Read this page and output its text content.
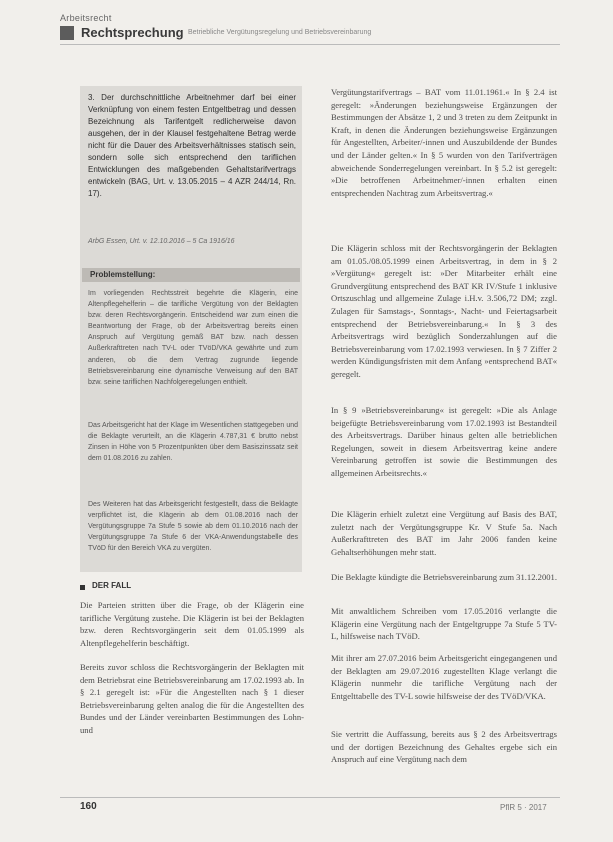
Arbeitsrecht
Rechtsprechung Betriebliche Vergütungsregelung und Betriebsvereinbarung

3. Der durchschnittliche Arbeitnehmer darf bei einer Verknüpfung von einem festen Entgeltbetrag und dessen Bezeichnung als Tarifentgelt redlicherweise davon ausgehen, der in der Klausel festgehaltene Betrag werde nicht für die Dauer des Arbeitsverhältnisses statisch sein, sondern solle sich entsprechend den tariflichen Entwicklungen des maßgebenden Gehaltstarifvertrags entwickeln (BAG, Urt. v. 13.05.2015 – 4 AZR 244/14, Rn. 17).

ArbG Essen, Urt. v. 12.10.2016 – 5 Ca 1916/16
Problemstellung:

Im vorliegenden Rechtsstreit begehrte die Klägerin, eine Altenpflegehelferin – die tarifliche Vergütung von der Beklagten bzw. deren Rechtsvorgängerin. Entscheidend war zum einen die Beantwortung der Frage, ob der Arbeitsvertrag bereits einen Anspruch auf Vergütung gemäß BAT bzw. nach dessen Außerkrafttreten nach TV-L oder TVöD/VKA gewährte und zum anderen, ob die dem Vertrag zugrunde liegende Betriebsvereinbarung eine dynamische Verweisung auf den BAT bzw. seine tariflichen Nachfolgeregelungen enthielt.

Das Arbeitsgericht hat der Klage im Wesentlichen stattgegeben und die Beklagte verurteilt, an die Klägerin 4.787,31 € brutto nebst Zinsen in Höhe von 5 Prozentpunkten über dem Basiszinssatz seit dem 01.08.2016 zu zahlen.

Des Weiteren hat das Arbeitsgericht festgestellt, dass die Beklagte verpflichtet ist, die Klägerin ab dem 01.08.2016 nach der Vergütungsgruppe 7a Stufe 5 sowie ab dem 01.10.2016 nach der Vergütungsgruppe 7a Stufe 6 der VKA-Anwendungstabelle des TVöD für den Bereich VKA zu vergüten.

DER FALL

Die Parteien stritten über die Frage, ob der Klägerin eine tarifliche Vergütung zustehe. Die Klägerin ist bei der Beklagten bzw. deren Rechtsvorgängerin seit dem 01.05.1999 als Altenpflegehelferin beschäftigt.

Bereits zuvor schloss die Rechtsvorgängerin der Beklagten mit dem Betriebsrat eine Betriebsvereinbarung am 17.02.1993 ab. In § 2.1 geregelt ist: »Für die Angestellten nach § 1 dieser Betriebsvereinbarung gelten analog die für die Angestellten des Bundes und der Länder vereinbarten Bestimmungen des Lohn- und

Vergütungstarifvertrags – BAT vom 11.01.1961.« In § 2.4 ist geregelt: »Änderungen beziehungsweise Ergänzungen der Bestimmungen der Absätze 1, 2 und 3 treten zu dem Zeitpunkt in Kraft, in denen die Änderungen beziehungsweise Ergänzungen für Angestellten, Arbeiter/-innen und Auszubildende der Bundes und der Länder gelten.« In § 5 wurden von den Tarifverträgen abweichende Sonderregelungen vereinbart. In § 5.2 ist geregelt: »Die betroffenen Arbeitnehmer/-innen erhalten einen entsprechenden Nachtrag zum Arbeitsvertrag.«

Die Klägerin schloss mit der Rechtsvorgängerin der Beklagten am 01.05./08.05.1999 einen Arbeitsvertrag, in dem in § 2 »Vergütung« geregelt ist: »Der Mitarbeiter erhält eine Grundvergütung entsprechend des BAT KR IV/Stufe 1 inklusive Ortszuschlag und allgemeine Zulage i.H.v. 3.506,72 DM; zzgl. Zulagen für Samstags-, Sonntags-, Nacht- und Feiertagsarbeit entsprechend der Betriebsvereinbarung.« In § 3 des Arbeitsvertrags wird bezüglich Sonderzahlungen auf die Betriebsvereinbarung vom 17.02.1993 verwiesen. In § 7 Ziffer 2 werden Kündigungsfristen mit dem Anfang »entsprechend BAT« geregelt.

In § 9 »Betriebsvereinbarung« ist geregelt: »Die als Anlage beigefügte Betriebsvereinbarung vom 17.02.1993 ist Bestandteil des Arbeitsvertrags. Darüber hinaus gelten alle betrieblichen Regelungen, soweit in diesem Arbeitsvertrag keine andere Vereinbarung getroffen ist sowie die Bestimmungen des allgemeinen Arbeitsrechts.«

Die Klägerin erhielt zuletzt eine Vergütung auf Basis des BAT, zuletzt nach der Vergütungsgruppe Kr. V Stufe 5a. Nach Außerkrafttreten des BAT im Jahr 2006 fanden keine Gehaltserhöhungen mehr statt.

Die Beklagte kündigte die Betriebsvereinbarung zum 31.12.2001.

Mit anwaltlichem Schreiben vom 17.05.2016 verlangte die Klägerin eine Vergütung nach der Entgeltgruppe 7a Stufe 5 TV-L, hilfsweise nach TVöD.

Mit ihrer am 27.07.2016 beim Arbeitsgericht eingegangenen und der Beklagten am 29.07.2016 zugestellten Klage verlangt die Klägerin nunmehr die tarifliche Vergütung nach der Entgelttabelle des TV-L sowie hilfsweise der des TVöD/VKA.

Sie vertritt die Auffassung, bereits aus § 2 des Arbeitsvertrags und der dortigen Bezeichnung des Gehaltes ergebe sich ein Anspruch auf eine Vergütung nach dem

160	PflR 5 · 2017
